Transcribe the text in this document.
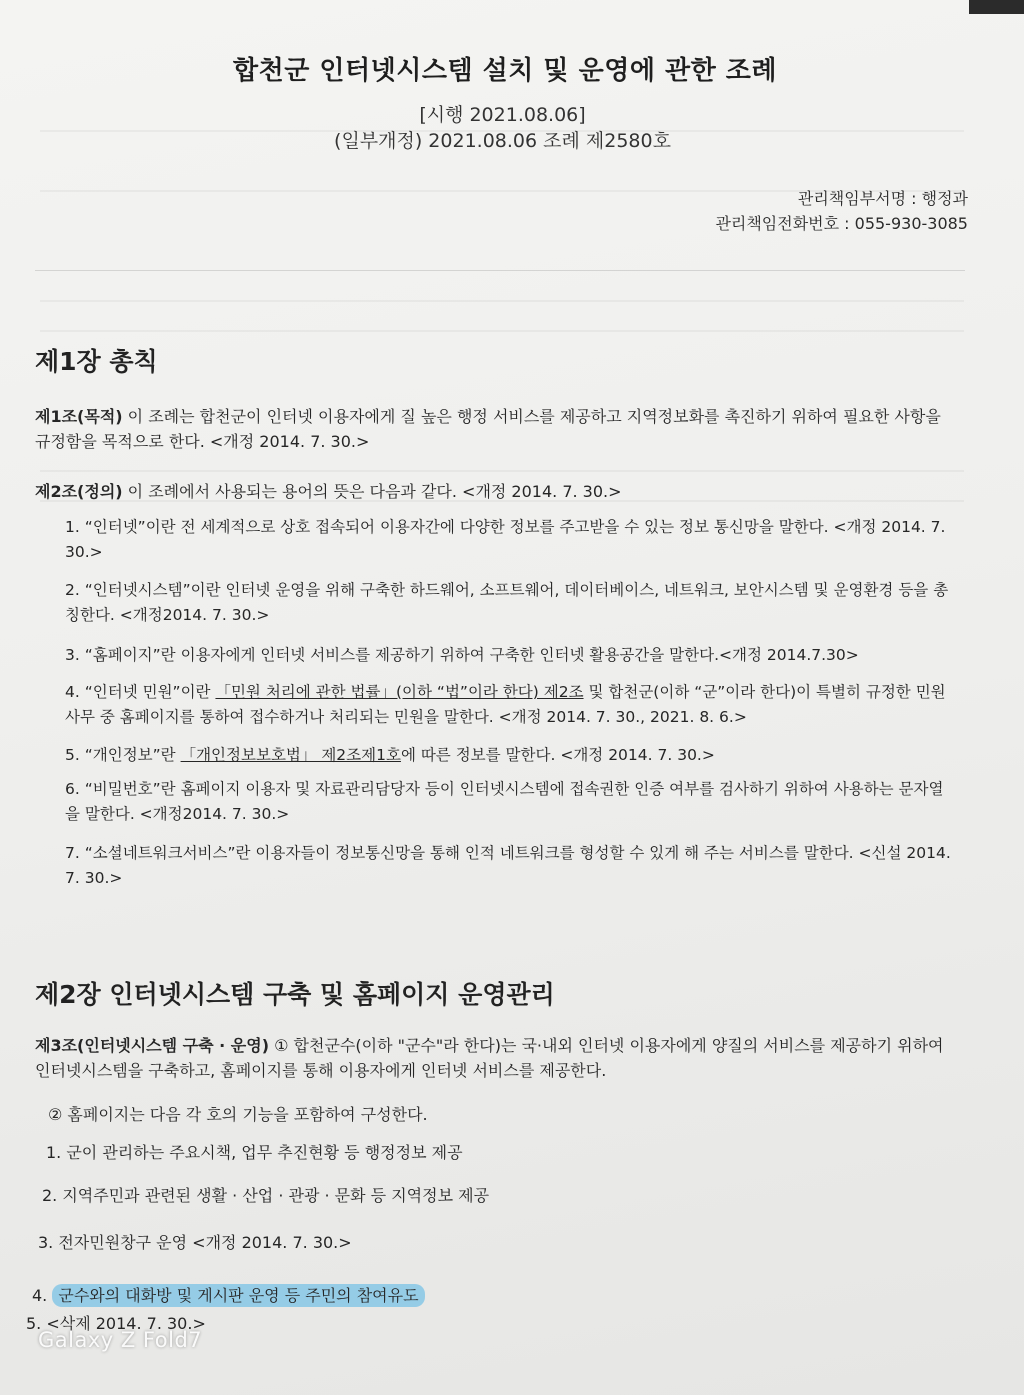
합천군 인터넷시스템 설치 및 운영에 관한 조례
[시행 2021.08.06]
(일부개정) 2021.08.06 조례 제2580호
관리책임부서명 : 행정과
관리책임전화번호 : 055-930-3085
제1장 총칙
제1조(목적) 이 조례는 합천군이 인터넷 이용자에게 질 높은 행정 서비스를 제공하고 지역정보화를 촉진하기 위하여 필요한 사항을 규정함을 목적으로 한다. <개정 2014. 7. 30.>
제2조(정의) 이 조례에서 사용되는 용어의 뜻은 다음과 같다. <개정 2014. 7. 30.>
1. “인터넷”이란 전 세계적으로 상호 접속되어 이용자간에 다양한 정보를 주고받을 수 있는 정보 통신망을 말한다. <개정 2014. 7. 30.>
2. “인터넷시스템”이란 인터넷 운영을 위해 구축한 하드웨어, 소프트웨어, 데이터베이스, 네트워크, 보안시스템 및 운영환경 등을 총칭한다. <개정2014. 7. 30.>
3. “홈페이지”란 이용자에게 인터넷 서비스를 제공하기 위하여 구축한 인터넷 활용공간을 말한다.<개정 2014.7.30>
4. “인터넷 민원”이란 「민원 처리에 관한 법률」(이하 “법”이라 한다) 제2조 및 합천군(이하 “군”이라 한다)이 특별히 규정한 민원사무 중 홈페이지를 통하여 접수하거나 처리되는 민원을 말한다. <개정 2014. 7. 30., 2021. 8. 6.>
5. “개인정보”란 「개인정보보호법」 제2조제1호에 따른 정보를 말한다. <개정 2014. 7. 30.>
6. “비밀번호”란 홈페이지 이용자 및 자료관리담당자 등이 인터넷시스템에 접속권한 인증 여부를 검사하기 위하여 사용하는 문자열을 말한다. <개정2014. 7. 30.>
7. “소셜네트워크서비스”란 이용자들이 정보통신망을 통해 인적 네트워크를 형성할 수 있게 해 주는 서비스를 말한다. <신설 2014. 7. 30.>
제2장 인터넷시스템 구축 및 홈페이지 운영관리
제3조(인터넷시스템 구축 · 운영) ① 합천군수(이하 "군수"라 한다)는 국·내외 인터넷 이용자에게 양질의 서비스를 제공하기 위하여 인터넷시스템을 구축하고, 홈페이지를 통해 이용자에게 인터넷 서비스를 제공한다.
② 홈페이지는 다음 각 호의 기능을 포함하여 구성한다.
1. 군이 관리하는 주요시책, 업무 추진현황 등 행정정보 제공
2. 지역주민과 관련된 생활 · 산업 · 관광 · 문화 등 지역정보 제공
3. 전자민원창구 운영 <개정 2014. 7. 30.>
4. 군수와의 대화방 및 게시판 운영 등 주민의 참여유도
5. <삭제 2014. 7. 30.>
Galaxy Z Fold7
